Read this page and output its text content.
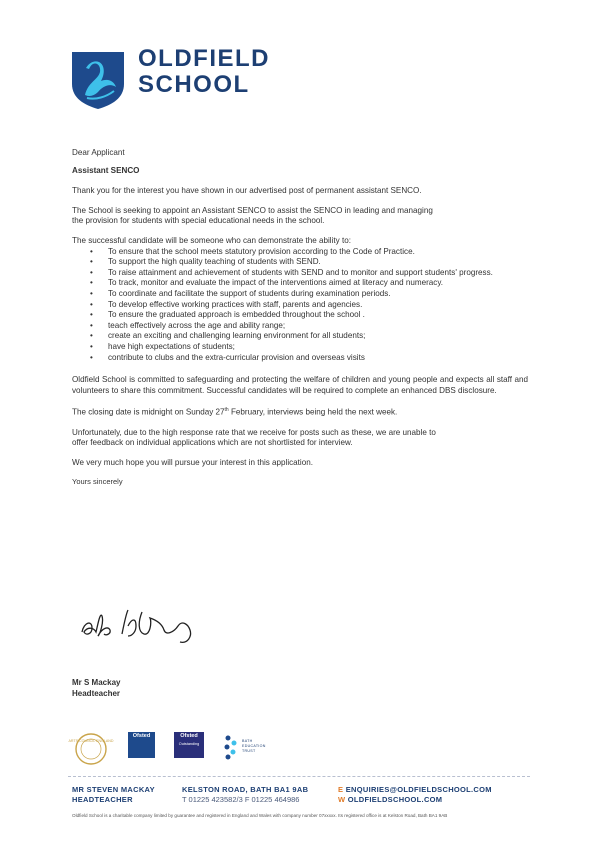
OLDFIELD
SCHOOL

Dear Applicant

Assistant SENCO

Thank you for the interest you have shown in our advertised post of permanent assistant SENCO.

The School is seeking to appoint an Assistant SENCO to assist the SENCO in leading and managing
the provision for students with special educational needs in the school.

The successful candidate will be someone who can demonstrate the ability to:

• To ensure that the school meets statutory provision according to the Code of Practice.
• To support the high quality teaching of students with SEND.
• To raise attainment and achievement of students with SEND and to monitor and support students' progress.
• To track, monitor and evaluate the impact of the interventions aimed at literacy and numeracy.
• To coordinate and facilitate the support of students during examination periods.
• To develop effective working practices with staff, parents and agencies.
• To ensure the graduated approach is embedded throughout the school .
• teach effectively across the age and ability range;
• create an exciting and challenging learning environment for all students;
• have high expectations of students;
• contribute to clubs and the extra-curricular provision and overseas visits

Oldfield School is committed to safeguarding and protecting the welfare of children and young people and expects all staff and volunteers to share this commitment. Successful candidates will be required to complete an enhanced DBS disclosure.

The closing date is midnight on Sunday 27th February, interviews being held the next week.

Unfortunately, due to the high response rate that we receive for posts such as these, we are unable to
offer feedback on individual applications which are not shortlisted for interview.

We very much hope you will pursue your interest in this application.

Yours sincerely

Mr S Mackay
Headteacher
ARTS COUNCIL ENGLAND
Ofsted	Ofsted
Outstanding
BATH
EDUCATION
TRUST
MR STEVEN MACKAY
HEADTEACHER
KELSTON ROAD, BATH BA1 9AB
T 01225 423582/3 F 01225 464986
E ENQUIRIES@OLDFIELDSCHOOL.COM
W OLDFIELDSCHOOL.COM
Oldfield School is a charitable company limited by guarantee and registered in England and Wales with company number 07xxxxx. Its registered office is at Kelston Road, Bath BA1 9AB
